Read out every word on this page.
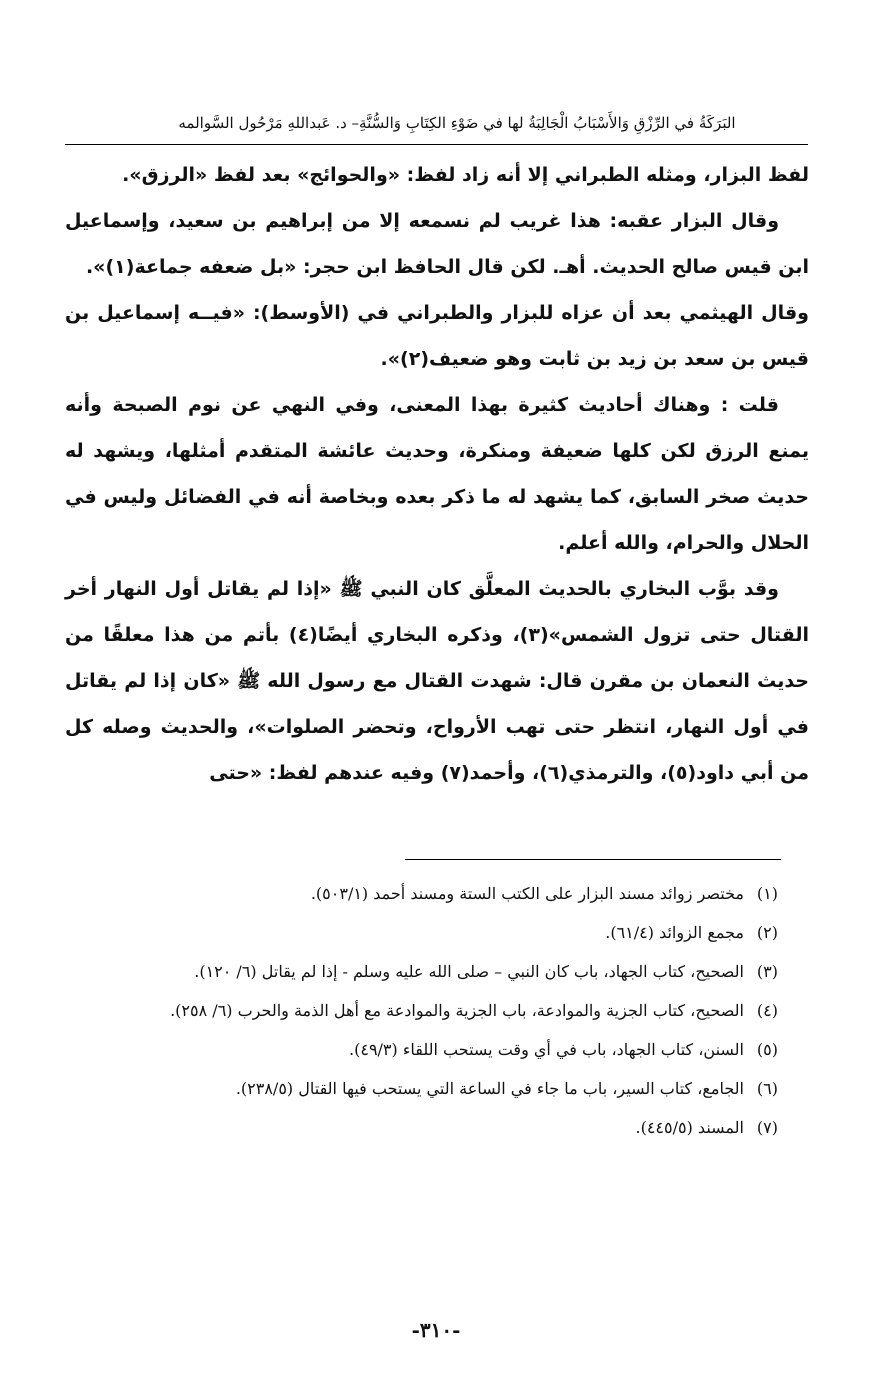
البَرَكَةُ في الرِّزْقِ وَالأَسْبَابُ الْجَالِبَةُ لها في ضَوْءِ الكِتَابِ وَالسُّنَّةِ– د. عَبداللهِ مَرْحُول السَّوالمه

لفظ البزار، ومثله الطبراني إلا أنه زاد لفظ: «والحوائج» بعد لفظ «الرزق».

وقال البزار عقبه: هذا غريب لم نسمعه إلا من إبراهيم بن سعيد، وإسماعيل ابن قيس صالح الحديث. أهـ. لكن قال الحافظ ابن حجر: «بل ضعفه جماعة(١)».

وقال الهيثمي بعد أن عزاه للبزار والطبراني في (الأوسط): «فيــه إسماعيل بن قيس بن سعد بن زيد بن ثابت وهو ضعيف(٢)».

قلت : وهناك أحاديث كثيرة بهذا المعنى، وفي النهي عن نوم الصبحة وأنه يمنع الرزق لكن كلها ضعيفة ومنكرة، وحديث عائشة المتقدم أمثلها، ويشهد له حديث صخر السابق، كما يشهد له ما ذكر بعده وبخاصة أنه في الفضائل وليس في الحلال والحرام، والله أعلم.

وقد بوَّب البخاري بالحديث المعلَّق كان النبي ﷺ «إذا لم يقاتل أول النهار أخر القتال حتى تزول الشمس»(٣)، وذكره البخاري أيضًا(٤) بأتم من هذا معلقًا من حديث النعمان بن مقرن قال: شهدت القتال مع رسول الله ﷺ «كان إذا لم يقاتل في أول النهار، انتظر حتى تهب الأرواح، وتحضر الصلوات»، والحديث وصله كل من أبي داود(٥)، والترمذي(٦)، وأحمد(٧) وفيه عندهم لفظ: «حتى

(١)مختصر زوائد مسند البزار على الكتب الستة ومسند أحمد (٥٠٣/١).

(٢)مجمع الزوائد (٦١/٤).

(٣)الصحيح، كتاب الجهاد، باب كان النبي – صلى الله عليه وسلم - إذا لم يقاتل (٦/ ١٢٠).

(٤)الصحيح، كتاب الجزية والموادعة، باب الجزية والموادعة مع أهل الذمة والحرب (٦/ ٢٥٨).

(٥)السنن، كتاب الجهاد، باب في أي وقت يستحب اللقاء (٤٩/٣).

(٦)الجامع، كتاب السير، باب ما جاء في الساعة التي يستحب فيها القتال (٢٣٨/٥).

(٧)المسند (٤٤٥/٥).

-٣١٠-
